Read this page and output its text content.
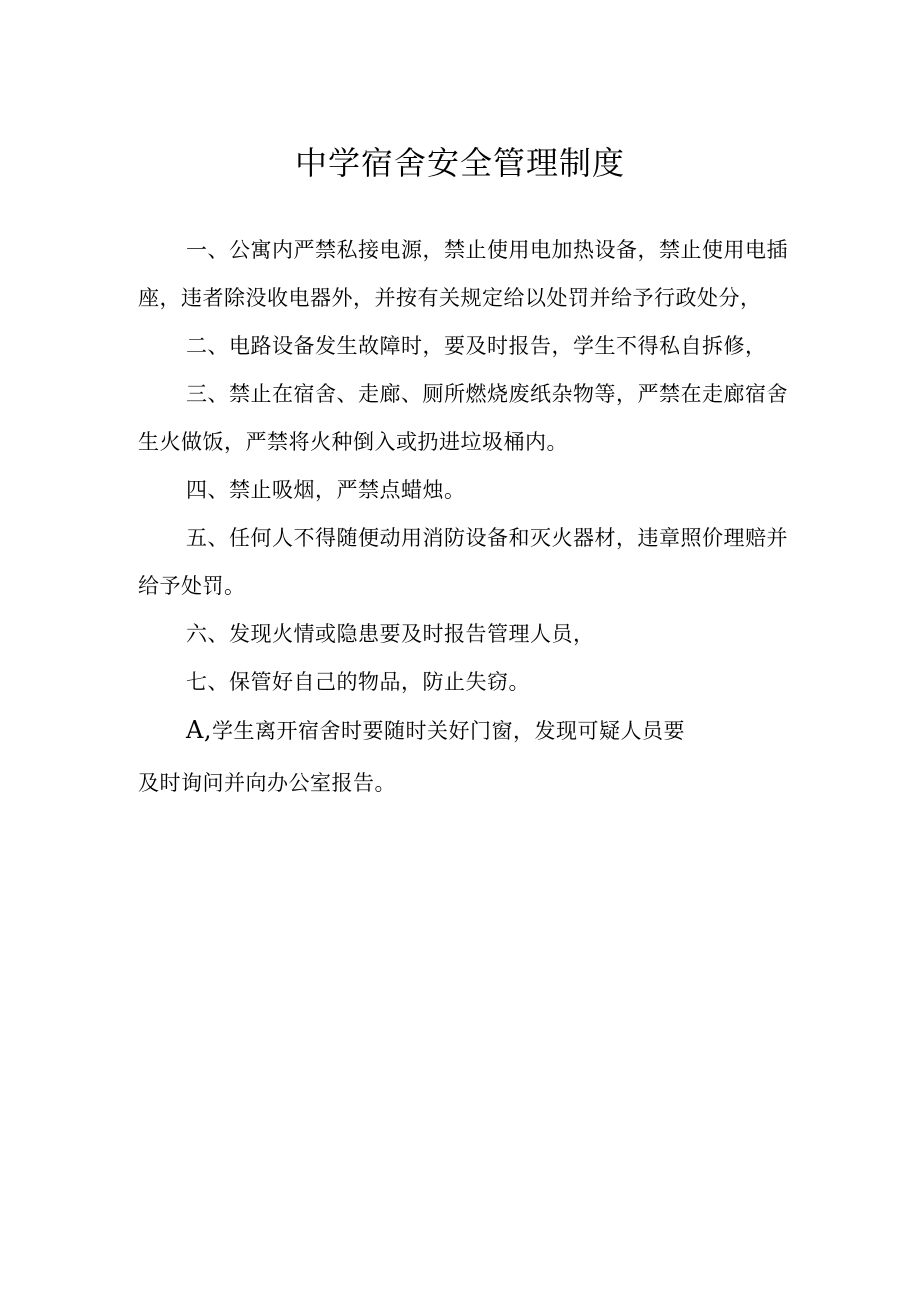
中学宿舍安全管理制度

一、公寓内严禁私接电源，禁止使用电加热设备，禁止使用电插座，违者除没收电器外，并按有关规定给以处罚并给予行政处分，

二、电路设备发生故障时，要及时报告，学生不得私自拆修，

三、禁止在宿舍、走廊、厕所燃烧废纸杂物等，严禁在走廊宿舍生火做饭，严禁将火种倒入或扔进垃圾桶内。

四、禁止吸烟，严禁点蜡烛。

五、任何人不得随便动用消防设备和灭火器材，违章照价理赔并给予处罚。

六、发现火情或隐患要及时报告管理人员，

七、保管好自己的物品，防止失窃。

A,学生离开宿舍时要随时关好门窗，发现可疑人员要
及时询问并向办公室报告。
